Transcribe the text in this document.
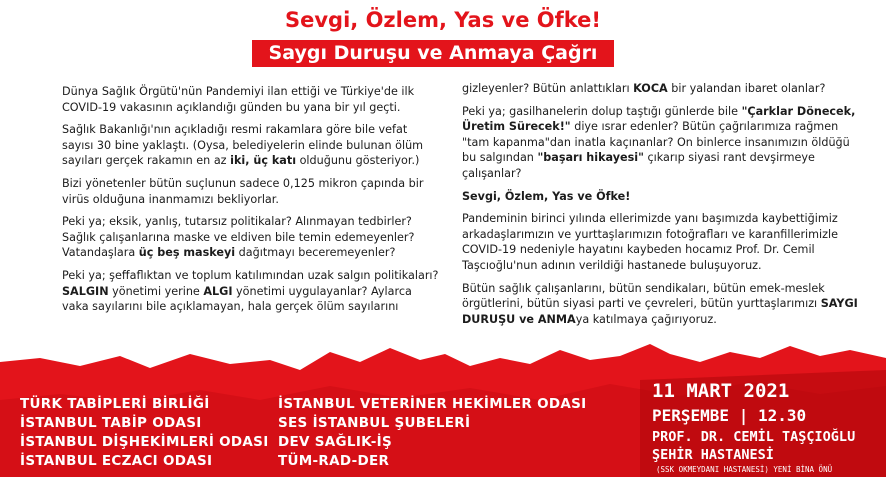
Sevgi, Özlem, Yas ve Öfke!
Saygı Duruşu ve Anmaya Çağrı

Dünya Sağlık Örgütü'nün Pandemiyi ilan ettiği ve Türkiye'de ilk COVID-19 vakasının açıklandığı günden bu yana bir yıl geçti.

Sağlık Bakanlığı'nın açıkladığı resmi rakamlara göre bile vefat sayısı 30 bine yaklaştı. (Oysa, belediyelerin elinde bulunan ölüm sayıları gerçek rakamın en az iki, üç katı olduğunu gösteriyor.)

Bizi yönetenler bütün suçlunun sadece 0,125 mikron çapında bir virüs olduğuna inanmamızı bekliyorlar.

Peki ya; eksik, yanlış, tutarsız politikalar? Alınmayan tedbirler? Sağlık çalışanlarına maske ve eldiven bile temin edemeyenler? Vatandaşlara üç beş maskeyi dağıtmayı beceremeyenler?

Peki ya; şeffaflıktan ve toplum katılımından uzak salgın politikaları? SALGIN yönetimi yerine ALGI yönetimi uygulayanlar? Aylarca vaka sayılarını bile açıklamayan, hala gerçek ölüm sayılarını

gizleyenler? Bütün anlattıkları KOCA bir yalandan ibaret olanlar?

Peki ya; gasilhanelerin dolup taştığı günlerde bile "Çarklar Dönecek, Üretim Sürecek!" diye ısrar edenler? Bütün çağrılarımıza rağmen "tam kapanma"dan inatla kaçınanlar? On binlerce insanımızın öldüğü bu salgından "başarı hikayesi" çıkarıp siyasi rant devşirmeye çalışanlar?

Sevgi, Özlem, Yas ve Öfke!

Pandeminin birinci yılında ellerimizde yanı başımızda kaybettiğimiz arkadaşlarımızın ve yurttaşlarımızın fotoğrafları ve karanfillerimizle COVID-19 nedeniyle hayatını kaybeden hocamız Prof. Dr. Cemil Taşcıoğlu'nun adının verildiği hastanede buluşuyoruz.

Bütün sağlık çalışanlarını, bütün sendikaları, bütün emek-meslek örgütlerini, bütün siyasi parti ve çevreleri, bütün yurttaşlarımızı SAYGI DURUŞU ve ANMAya katılmaya çağırıyoruz.

TÜRK TABİPLERİ BİRLİĞİ
İSTANBUL TABİP ODASI
İSTANBUL DİŞHEKİMLERİ ODASI
İSTANBUL ECZACI ODASI
İSTANBUL VETERİNER HEKİMLER ODASI
SES İSTANBUL ŞUBELERİ
DEV SAĞLIK-İŞ
TÜM-RAD-DER
11 MART 2021
PERŞEMBE | 12.30
PROF. DR. CEMİL TAŞÇIOĞLU
ŞEHİR HASTANESİ
(SSK OKMEYDANI HASTANESİ) YENİ BİNA ÖNÜ
